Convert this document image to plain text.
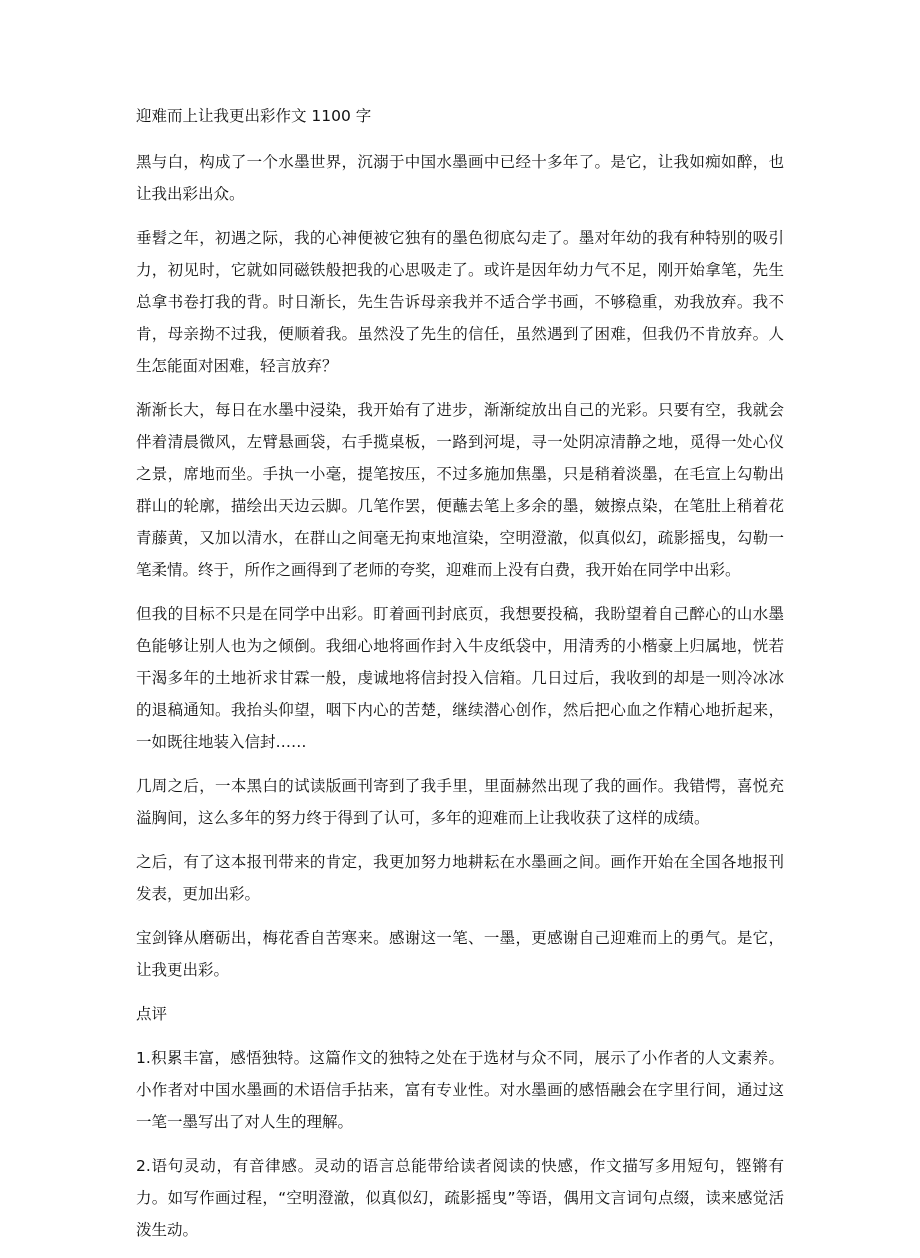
迎难而上让我更出彩作文 1100 字

黑与白，构成了一个水墨世界，沉溺于中国水墨画中已经十多年了。是它，让我如痴如醉，也让我出彩出众。

垂髫之年，初遇之际，我的心神便被它独有的墨色彻底勾走了。墨对年幼的我有种特别的吸引力，初见时，它就如同磁铁般把我的心思吸走了。或许是因年幼力气不足，刚开始拿笔，先生总拿书卷打我的背。时日渐长，先生告诉母亲我并不适合学书画，不够稳重，劝我放弃。我不肯，母亲拗不过我，便顺着我。虽然没了先生的信任，虽然遇到了困难，但我仍不肯放弃。人生怎能面对困难，轻言放弃？

渐渐长大，每日在水墨中浸染，我开始有了进步，渐渐绽放出自己的光彩。只要有空，我就会伴着清晨微风，左臂悬画袋，右手揽桌板，一路到河堤，寻一处阴凉清静之地，觅得一处心仪之景，席地而坐。手执一小毫，提笔按压，不过多施加焦墨，只是稍着淡墨，在毛宣上勾勒出群山的轮廓，描绘出天边云脚。几笔作罢，便蘸去笔上多余的墨，皴擦点染，在笔肚上稍着花青藤黄，又加以清水，在群山之间毫无拘束地渲染，空明澄澈，似真似幻，疏影摇曳，勾勒一笔柔情。终于，所作之画得到了老师的夸奖，迎难而上没有白费，我开始在同学中出彩。

但我的目标不只是在同学中出彩。盯着画刊封底页，我想要投稿，我盼望着自己醉心的山水墨色能够让别人也为之倾倒。我细心地将画作封入牛皮纸袋中，用清秀的小楷豪上归属地，恍若干渴多年的土地祈求甘霖一般，虔诚地将信封投入信箱。几日过后，我收到的却是一则冷冰冰的退稿通知。我抬头仰望，咽下内心的苦楚，继续潜心创作，然后把心血之作精心地折起来，一如既往地装入信封……

几周之后，一本黑白的试读版画刊寄到了我手里，里面赫然出现了我的画作。我错愕，喜悦充溢胸间，这么多年的努力终于得到了认可，多年的迎难而上让我收获了这样的成绩。

之后，有了这本报刊带来的肯定，我更加努力地耕耘在水墨画之间。画作开始在全国各地报刊发表，更加出彩。

宝剑锋从磨砺出，梅花香自苦寒来。感谢这一笔、一墨，更感谢自己迎难而上的勇气。是它，让我更出彩。

点评

1.积累丰富，感悟独特。这篇作文的独特之处在于选材与众不同，展示了小作者的人文素养。小作者对中国水墨画的术语信手拈来，富有专业性。对水墨画的感悟融会在字里行间，通过这一笔一墨写出了对人生的理解。

2.语句灵动，有音律感。灵动的语言总能带给读者阅读的快感，作文描写多用短句，铿锵有力。如写作画过程，“空明澄澈，似真似幻，疏影摇曳”等语，偶用文言词句点缀，读来感觉活泼生动。
